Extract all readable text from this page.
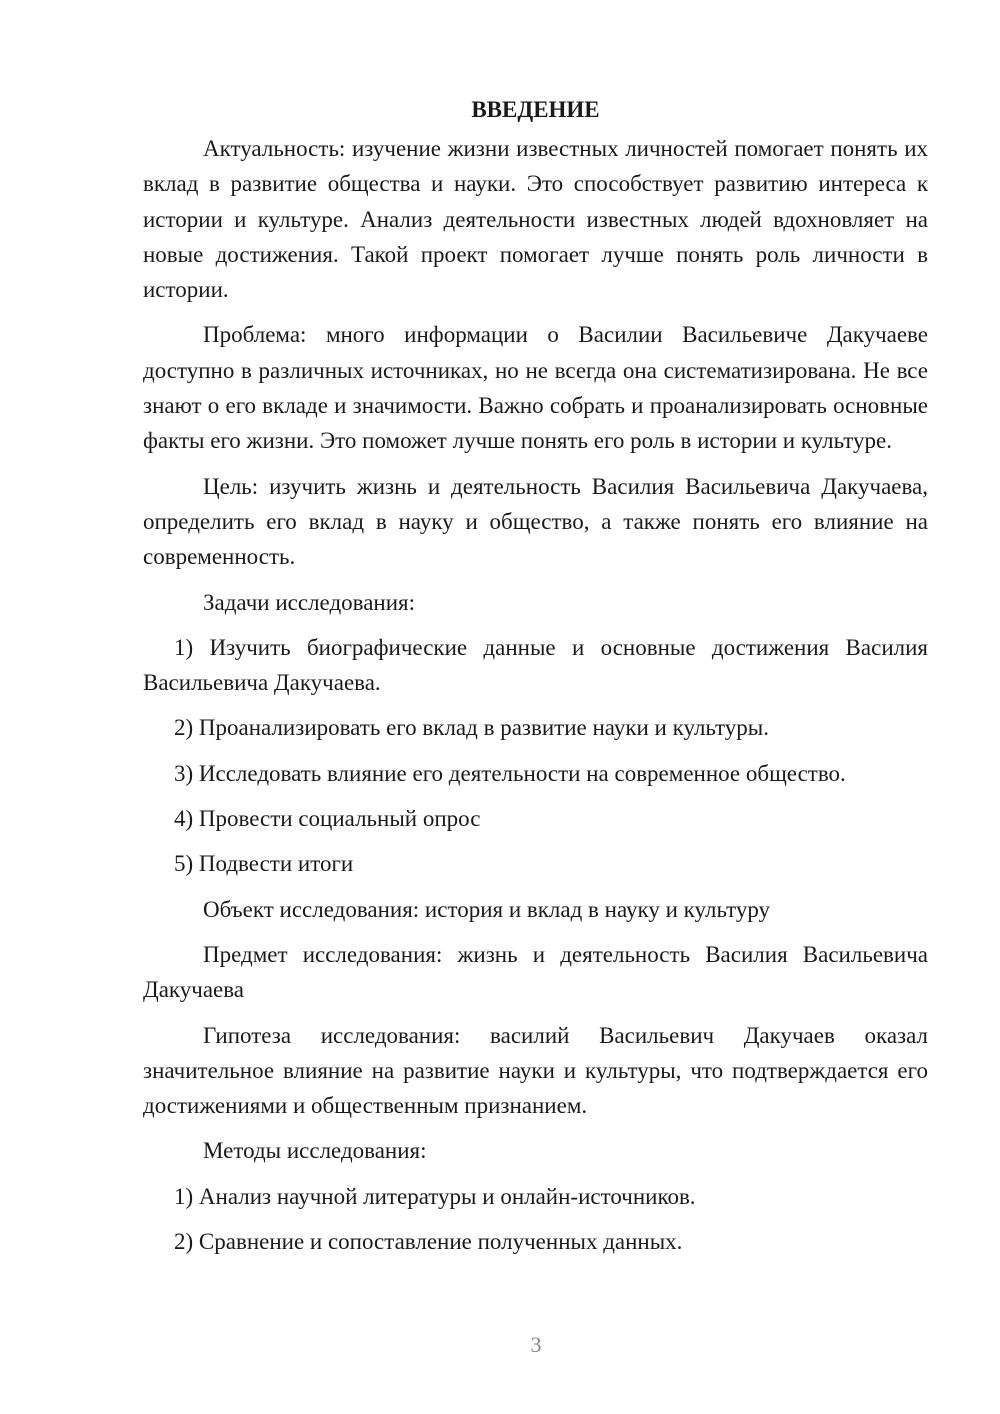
ВВЕДЕНИЕ

Актуальность: изучение жизни известных личностей помогает понять их вклад в развитие общества и науки. Это способствует развитию интереса к истории и культуре. Анализ деятельности известных людей вдохновляет на новые достижения. Такой проект помогает лучше понять роль личности в истории.

Проблема: много информации о Василии Васильевиче Дакучаеве доступно в различных источниках, но не всегда она систематизирована. Не все знают о его вкладе и значимости. Важно собрать и проанализировать основные факты его жизни. Это поможет лучше понять его роль в истории и культуре.

Цель: изучить жизнь и деятельность Василия Васильевича Дакучаева, определить его вклад в науку и общество, а также понять его влияние на современность.

Задачи исследования:

1) Изучить биографические данные и основные достижения Василия Васильевича Дакучаева.

2) Проанализировать его вклад в развитие науки и культуры.

3) Исследовать влияние его деятельности на современное общество.

4) Провести социальный опрос

5) Подвести итоги

Объект исследования: история и вклад в науку и культуру

Предмет исследования: жизнь и деятельность Василия Васильевича Дакучаева

Гипотеза исследования: василий Васильевич Дакучаев оказал значительное влияние на развитие науки и культуры, что подтверждается его достижениями и общественным признанием.

Методы исследования:

1) Анализ научной литературы и онлайн-источников.

2) Сравнение и сопоставление полученных данных.

3
